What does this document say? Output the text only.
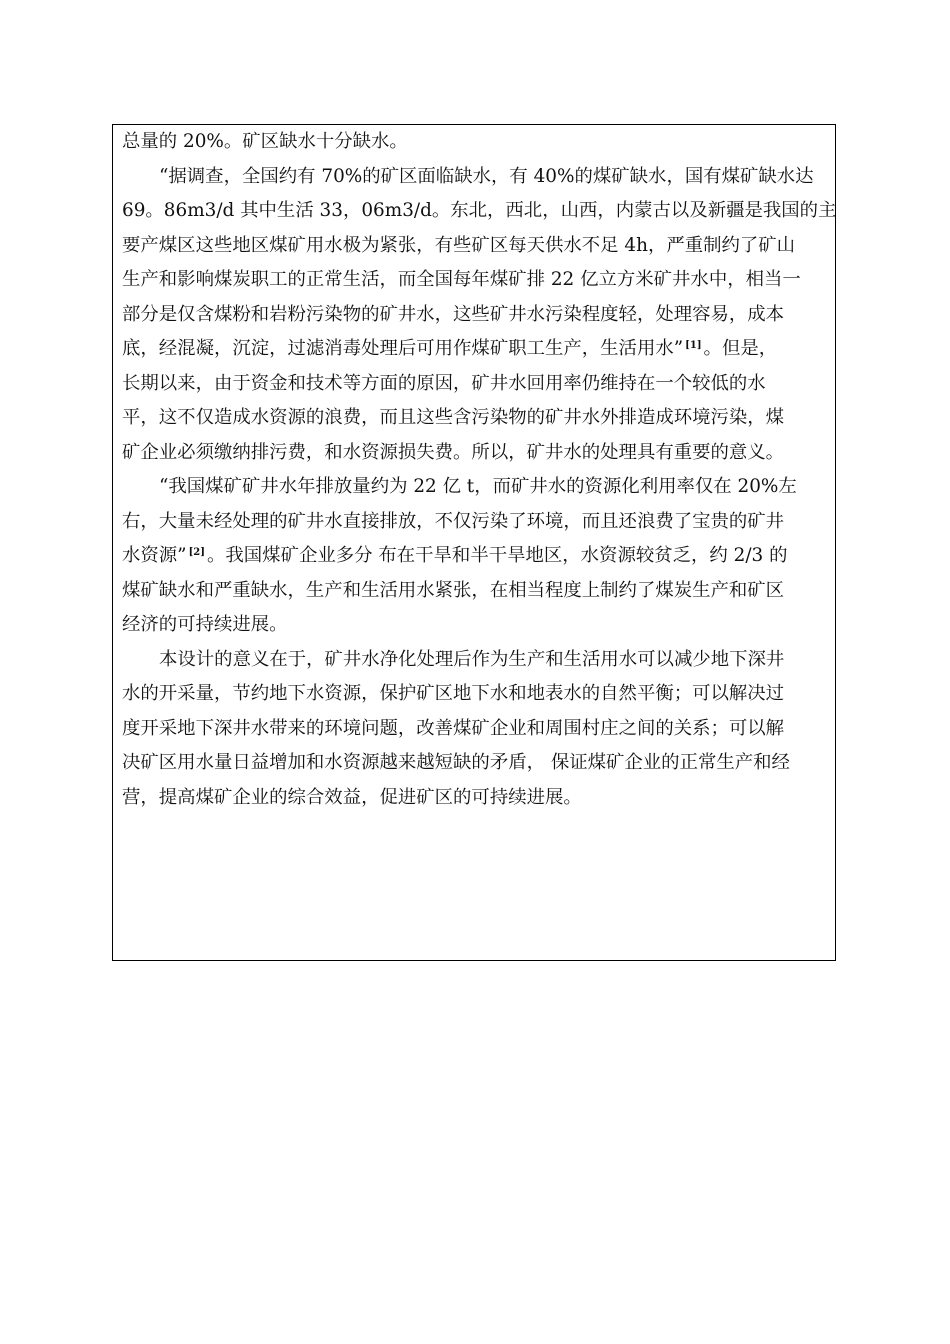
总量的 20%。矿区缺水十分缺水。
“据调查，全国约有 70%的矿区面临缺水，有 40%的煤矿缺水，国有煤矿缺水达
69。86m3/d 其中生活 33，06m3/d。东北，西北，山西，内蒙古以及新疆是我国的主
要产煤区这些地区煤矿用水极为紧张，有些矿区每天供水不足 4h，严重制约了矿山
生产和影响煤炭职工的正常生活，而全国每年煤矿排 22 亿立方米矿井水中，相当一
部分是仅含煤粉和岩粉污染物的矿井水，这些矿井水污染程度轻，处理容易，成本
底，经混凝，沉淀，过滤消毒处理后可用作煤矿职工生产，生活用水” [1] 。但是，
长期以来，由于资金和技术等方面的原因，矿井水回用率仍维持在一个较低的水
平，这不仅造成水资源的浪费，而且这些含污染物的矿井水外排造成环境污染，煤
矿企业必须缴纳排污费，和水资源损失费。所以，矿井水的处理具有重要的意义。
“我国煤矿矿井水年排放量约为 22 亿 t，而矿井水的资源化利用率仅在 20%左
右，大量未经处理的矿井水直接排放，不仅污染了环境，而且还浪费了宝贵的矿井
水资源” [2] 。我国煤矿企业多分 布在干旱和半干旱地区，水资源较贫乏，约 2/3 的
煤矿缺水和严重缺水，生产和生活用水紧张，在相当程度上制约了煤炭生产和矿区
经济的可持续进展。
本设计的意义在于，矿井水净化处理后作为生产和生活用水可以减少地下深井
水的开采量，节约地下水资源，保护矿区地下水和地表水的自然平衡；可以解决过
度开采地下深井水带来的环境问题，改善煤矿企业和周围村庄之间的关系；可以解
决矿区用水量日益增加和水资源越来越短缺的矛盾， 保证煤矿企业的正常生产和经
营，提高煤矿企业的综合效益，促进矿区的可持续进展。
